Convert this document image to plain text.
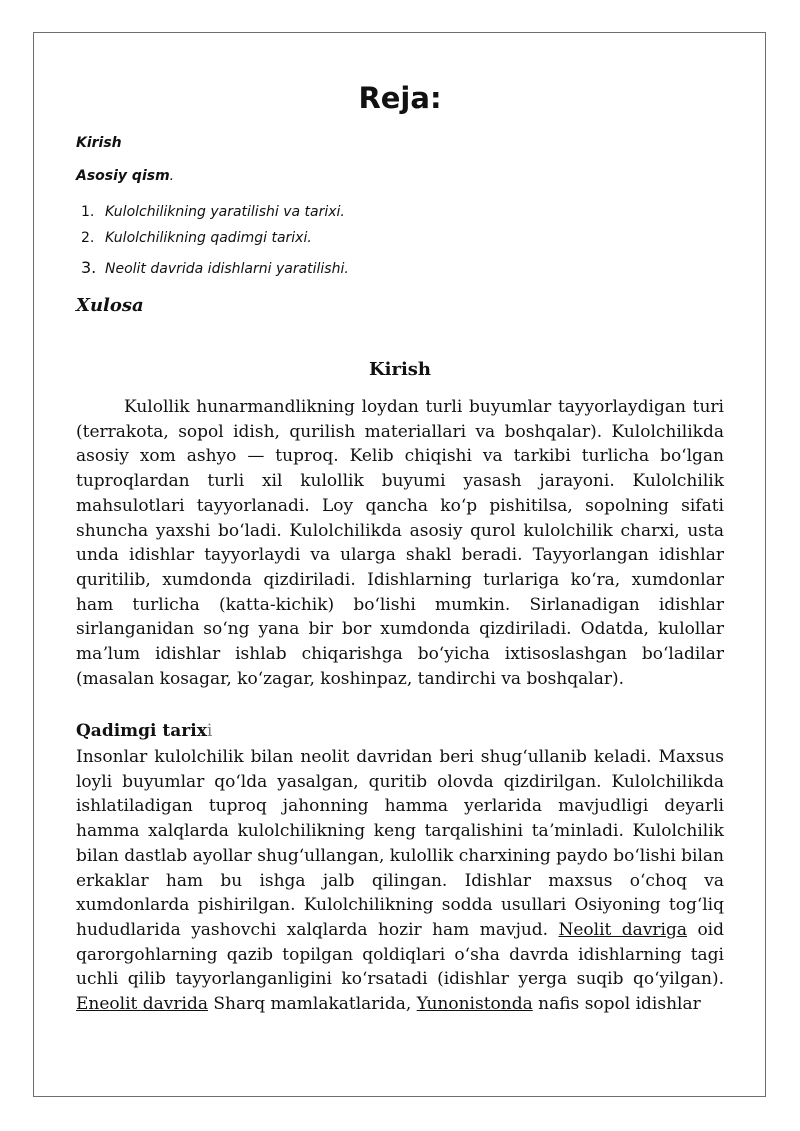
Reja:
Kirish
Asosiy qism.
1. Kulolchilikning yaratilishi va tarixi.
2. Kulolchilikning qadimgi tarixi.
3. Neolit davrida idishlarni yaratilishi.
Xulosa
Kirish

Kulollik hunarmandlikning loydan turli buyumlar tayyorlaydigan turi (terrakota, sopol idish, qurilish materiallari va boshqalar). Kulolchilikda asosiy xom ashyo — tuproq. Kelib chiqishi va tarkibi turlicha boʻlgan tuproqlardan turli xil kulollik buyumi yasash jarayoni. Kulolchilik mahsulotlari tayyorlanadi. Loy qancha koʻp pishitilsa, sopolning sifati shuncha yaxshi boʻladi. Kulolchilikda asosiy qurol kulolchilik charxi, usta unda idishlar tayyorlaydi va ularga shakl beradi. Tayyorlangan idishlar quritilib, xumdonda qizdiriladi. Idishlarning turlariga koʻra, xumdonlar ham turlicha (katta-kichik) boʻlishi mumkin. Sirlanadigan idishlar sirlanganidan soʻng yana bir bor xumdonda qizdiriladi. Odatda, kulollar maʼlum idishlar ishlab chiqarishga boʻyicha ixtisoslashgan boʻladilar (masalan kosagar, koʻzagar, koshinpaz, tandirchi va boshqalar).

Qadimgi tarixi

Insonlar kulolchilik bilan neolit davridan beri shugʻullanib keladi. Maxsus loyli buyumlar qoʻlda yasalgan, quritib olovda qizdirilgan. Kulolchilikda ishlatiladigan tuproq jahonning hamma yerlarida mavjudligi deyarli hamma xalqlarda kulolchilikning keng tarqalishini taʼminladi. Kulolchilik bilan dastlab ayollar shugʻullangan, kulollik charxining paydo boʻlishi bilan erkaklar ham bu ishga jalb qilingan. Idishlar maxsus oʻchoq va xumdonlarda pishirilgan. Kulolchilikning sodda usullari Osiyoning togʻliq hududlarida yashovchi xalqlarda hozir ham mavjud. Neolit davriga oid qarorgohlarning qazib topilgan qoldiqlari oʻsha davrda idishlarning tagi uchli qilib tayyorlanganligini koʻrsatadi (idishlar yerga suqib qoʻyilgan). Eneolit davrida Sharq mamlakatlarida, Yunonistonda nafis sopol idishlar
